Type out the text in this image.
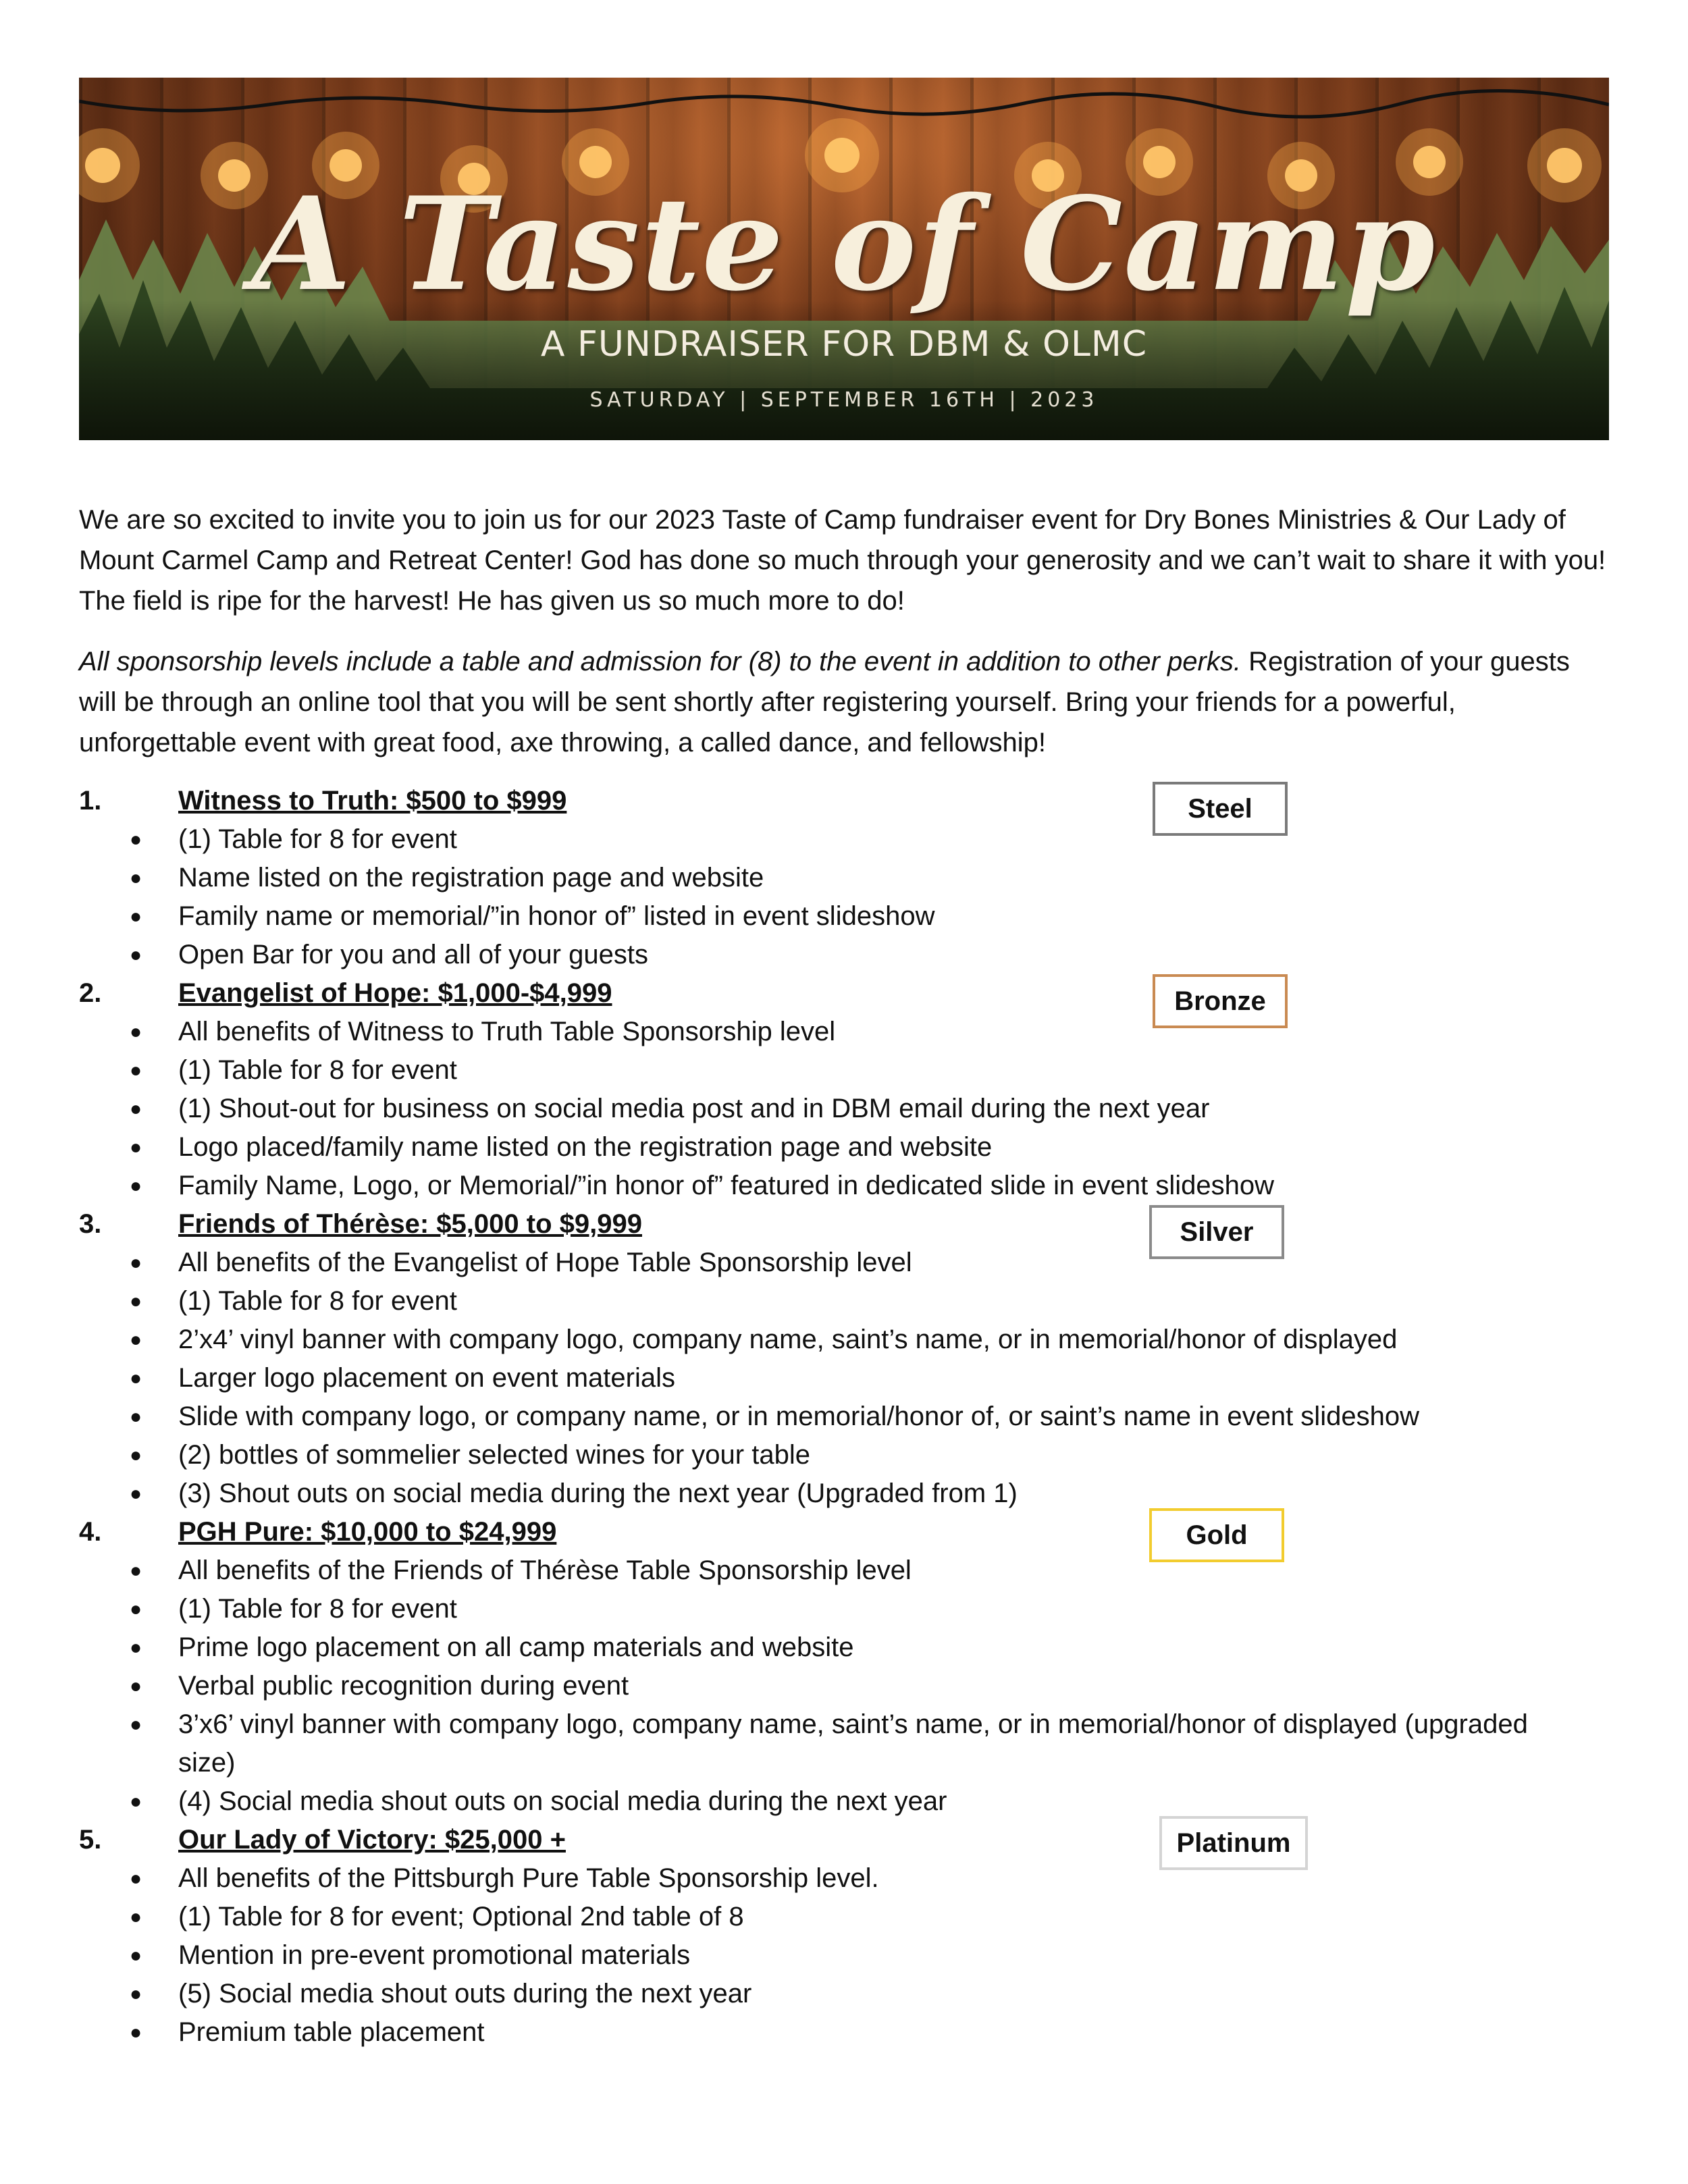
A Taste of Camp
A FUNDRAISER FOR DBM & OLMC
SATURDAY | SEPTEMBER 16TH | 2023
We are so excited to invite you to join us for our 2023 Taste of Camp fundraiser event for Dry Bones Ministries & Our Lady of Mount Carmel Camp and Retreat Center! God has done so much through your generosity and we can’t wait to share it with you! The field is ripe for the harvest! He has given us so much more to do!
All sponsorship levels include a table and admission for (8) to the event in addition to other perks. Registration of your guests will be through an online tool that you will be sent shortly after registering yourself. Bring your friends for a powerful, unforgettable event with great food, axe throwing, a called dance, and fellowship!
1.	Witness to Truth: $500 to $999	Steel
● (1) Table for 8 for event
● Name listed on the registration page and website
● Family name or memorial/”in honor of” listed in event slideshow
● Open Bar for you and all of your guests
2.	Evangelist of Hope: $1,000-$4,999	Bronze
● All benefits of Witness to Truth Table Sponsorship level
● (1) Table for 8 for event
● (1) Shout-out for business on social media post and in DBM email during the next year
● Logo placed/family name listed on the registration page and website
● Family Name, Logo, or Memorial/”in honor of” featured in dedicated slide in event slideshow
3.	Friends of Thérèse: $5,000 to $9,999	Silver
● All benefits of the Evangelist of Hope Table Sponsorship level
● (1) Table for 8 for event
● 2’x4’ vinyl banner with company logo, company name, saint’s name, or in memorial/honor of displayed
● Larger logo placement on event materials
● Slide with company logo, or company name, or in memorial/honor of, or saint’s name in event slideshow
● (2) bottles of sommelier selected wines for your table
● (3) Shout outs on social media during the next year (Upgraded from 1)
4.	PGH Pure: $10,000 to $24,999	Gold
● All benefits of the Friends of Thérèse Table Sponsorship level
● (1) Table for 8 for event
● Prime logo placement on all camp materials and website
● Verbal public recognition during event
● 3’x6’ vinyl banner with company logo, company name, saint’s name, or in memorial/honor of displayed (upgraded
size)
● (4) Social media shout outs on social media during the next year
5.	Our Lady of Victory: $25,000 +	Platinum
● All benefits of the Pittsburgh Pure Table Sponsorship level.
● (1) Table for 8 for event; Optional 2nd table of 8
● Mention in pre-event promotional materials
● (5) Social media shout outs during the next year
● Premium table placement
